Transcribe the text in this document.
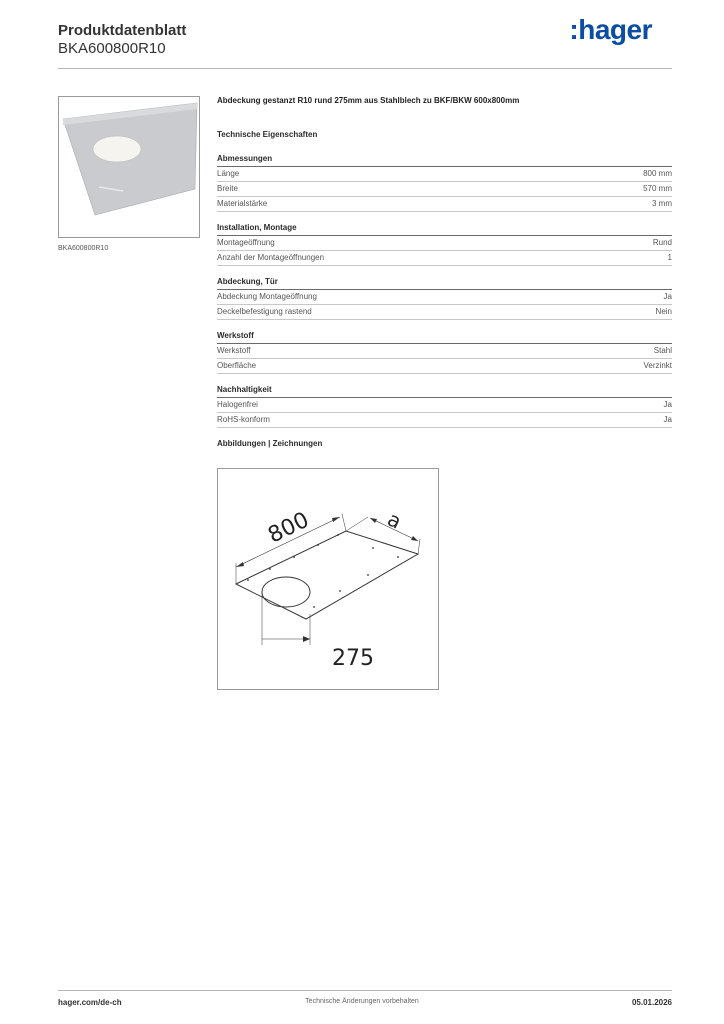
Produktdatenblatt
BKA600800R10
:hager
BKA600800R10

Abdeckung gestanzt R10 rund 275mm aus Stahlblech zu BKF/BKW 600x800mm

Technische Eigenschaften
Abmessungen
Länge	800 mm
Breite	570 mm
Materialstärke	3 mm
Installation, Montage
Montageöffnung	Rund
Anzahl der Montageöffnungen	1
Abdeckung, Tür
Abdeckung Montageöffnung	Ja
Deckelbefestigung rastend	Nein
Werkstoff
Werkstoff	Stahl
Oberfläche	Verzinkt
Nachhaltigkeit
Halogenfrei	Ja
RoHS-konform	Ja
Abbildungen | Zeichnungen
800	a
275
hager.com/de-ch	Technische Änderungen vorbehalten	05.01.2026
